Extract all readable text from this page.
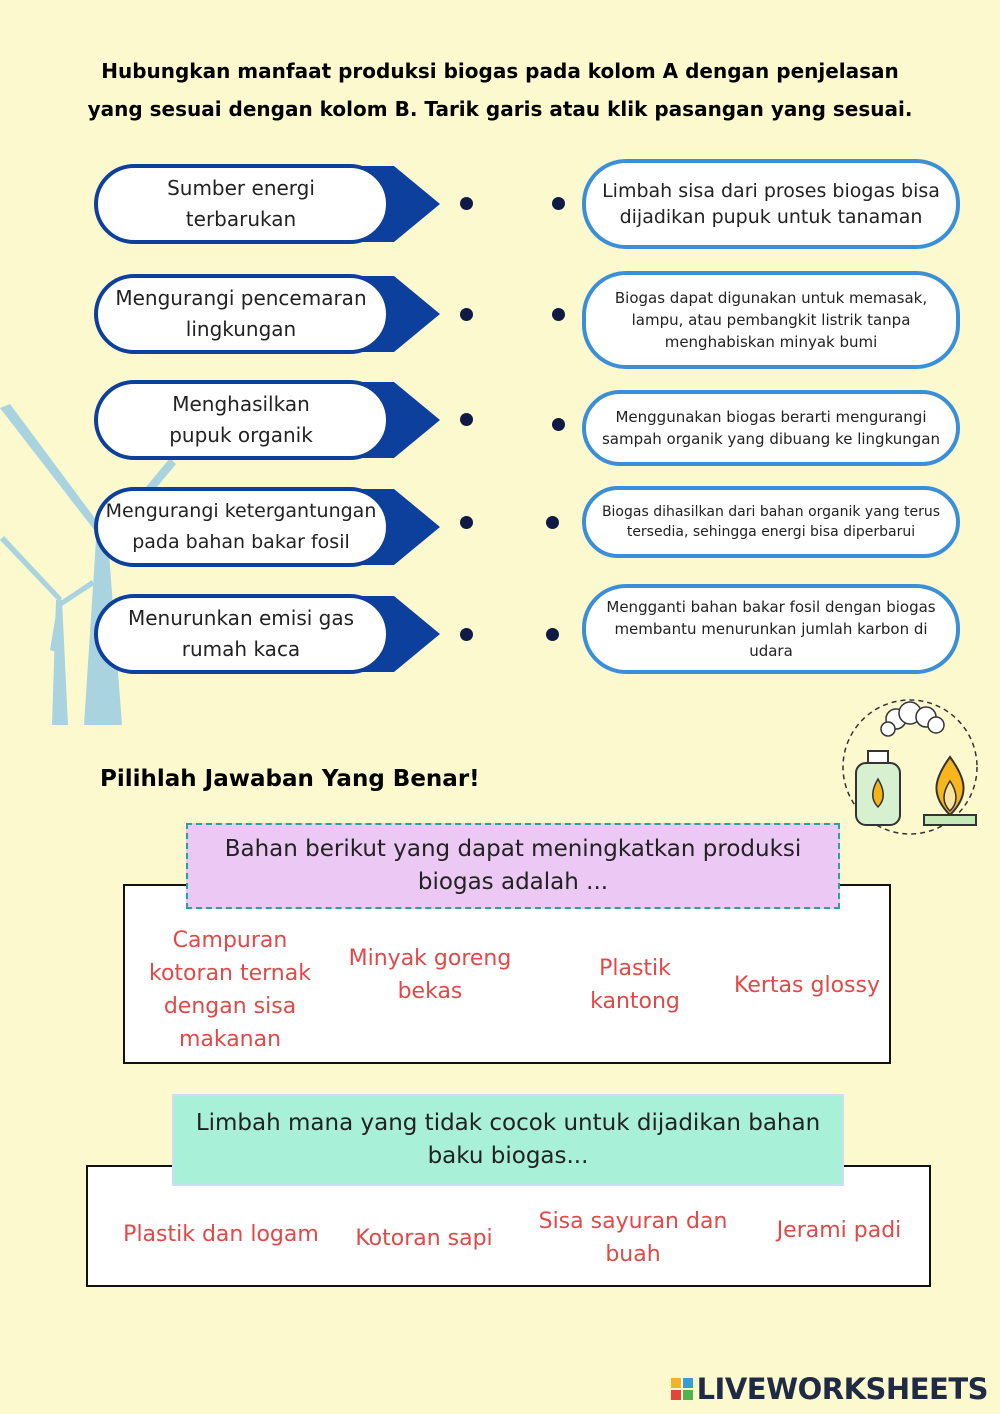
Hubungkan manfaat produksi biogas pada kolom A dengan penjelasan
yang sesuai dengan kolom B. Tarik garis atau klik pasangan yang sesuai.
Sumber energi
terbarukan
Mengurangi pencemaran
lingkungan
Menghasilkan
pupuk organik
Mengurangi ketergantungan
pada bahan bakar fosil
Menurunkan emisi gas
rumah kaca
Limbah sisa dari proses biogas bisa dijadikan pupuk untuk tanaman
Biogas dapat digunakan untuk memasak, lampu, atau pembangkit listrik tanpa menghabiskan minyak bumi
Menggunakan biogas berarti mengurangi sampah organik yang dibuang ke lingkungan
Biogas dihasilkan dari bahan organik yang terus tersedia, sehingga energi bisa diperbarui
Mengganti bahan bakar fosil dengan biogas membantu menurunkan jumlah karbon di udara
Pilihlah Jawaban Yang Benar!
Bahan berikut yang dapat meningkatkan produksi biogas adalah ...
Campuran kotoran ternak dengan sisa makanan
Minyak goreng bekas
Plastik kantong
Kertas glossy
Limbah mana yang tidak cocok untuk dijadikan bahan baku biogas...
Plastik dan logam	Kotoran sapi
Sisa sayuran dan buah
Jerami padi
LIVEWORKSHEETS
